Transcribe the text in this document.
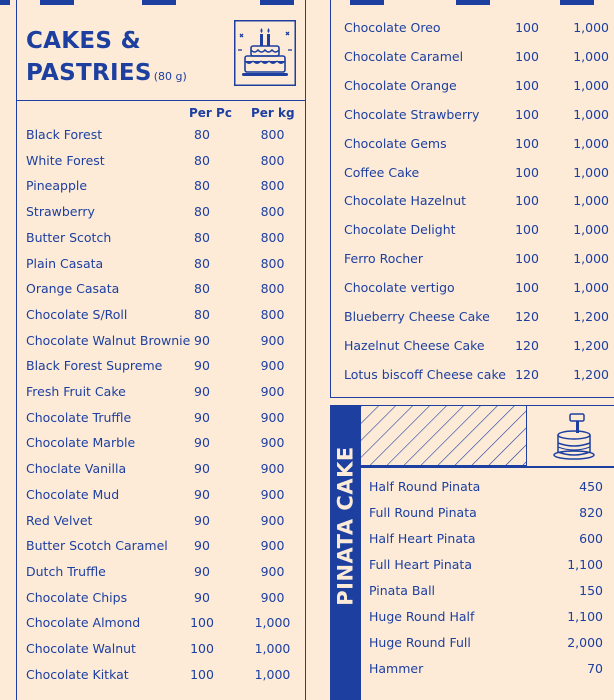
CAKES &
PASTRIES (80 g)
Per Pc Per kg
Black Forest	80	800
White Forest	80	800
Pineapple	80	800
Strawberry	80	800
Butter Scotch	80	800
Plain Casata	80	800
Orange Casata	80	800
Chocolate S/Roll	80	800
Chocolate Walnut Brownie 90	900
Black Forest Supreme	90	900
Fresh Fruit Cake	90	900
Chocolate Truffle	90	900
Chocolate Marble	90	900
Choclate Vanilla	90	900
Chocolate Mud	90	900
Red Velvet	90	900
Butter Scotch Caramel	90	900
Dutch Truffle	90	900
Chocolate Chips	90	900
Chocolate Almond	100	1,000
Chocolate Walnut	100	1,000
Chocolate Kitkat	100	1,000
Chocolate Oreo	100	1,000
Chocolate Caramel	100	1,000
Chocolate Orange	100	1,000
Chocolate Strawberry	100	1,000
Chocolate Gems	100	1,000
Coffee Cake	100	1,000
Chocolate Hazelnut	100	1,000
Chocolate Delight	100	1,000
Ferro Rocher	100	1,000
Chocolate vertigo	100	1,000
Blueberry Cheese Cake	120	1,200
Hazelnut Cheese Cake	120	1,200
Lotus biscoff Cheese cake 120	1,200
PINATA CAKE Half Round Pinata	450
Full Round Pinata	820
Half Heart Pinata	600
Full Heart Pinata	1,100
Pinata Ball	150
Huge Round Half	1,100
Huge Round Full	2,000
Hammer	70
